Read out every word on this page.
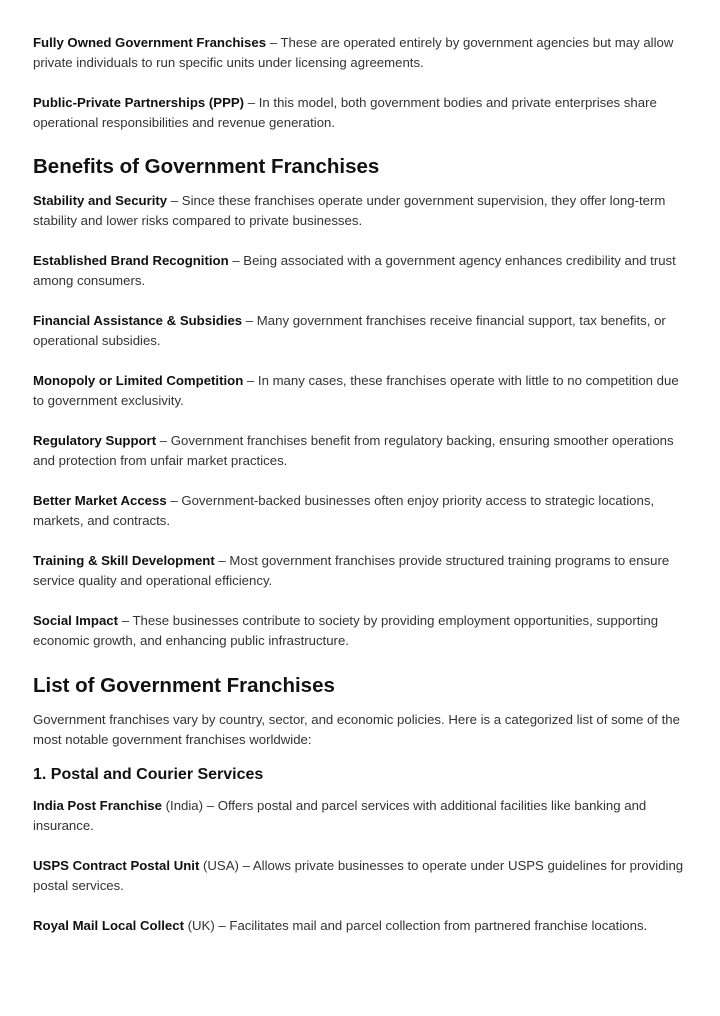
Fully Owned Government Franchises – These are operated entirely by government agencies but may allow private individuals to run specific units under licensing agreements.

Public-Private Partnerships (PPP) – In this model, both government bodies and private enterprises share operational responsibilities and revenue generation.

Benefits of Government Franchises

Stability and Security – Since these franchises operate under government supervision, they offer long-term stability and lower risks compared to private businesses.

Established Brand Recognition – Being associated with a government agency enhances credibility and trust among consumers.

Financial Assistance & Subsidies – Many government franchises receive financial support, tax benefits, or operational subsidies.

Monopoly or Limited Competition – In many cases, these franchises operate with little to no competition due to government exclusivity.

Regulatory Support – Government franchises benefit from regulatory backing, ensuring smoother operations and protection from unfair market practices.

Better Market Access – Government-backed businesses often enjoy priority access to strategic locations, markets, and contracts.

Training & Skill Development – Most government franchises provide structured training programs to ensure service quality and operational efficiency.

Social Impact – These businesses contribute to society by providing employment opportunities, supporting economic growth, and enhancing public infrastructure.

List of Government Franchises

Government franchises vary by country, sector, and economic policies. Here is a categorized list of some of the most notable government franchises worldwide:

1. Postal and Courier Services

India Post Franchise (India) – Offers postal and parcel services with additional facilities like banking and insurance.

USPS Contract Postal Unit (USA) – Allows private businesses to operate under USPS guidelines for providing postal services.

Royal Mail Local Collect (UK) – Facilitates mail and parcel collection from partnered franchise locations.
